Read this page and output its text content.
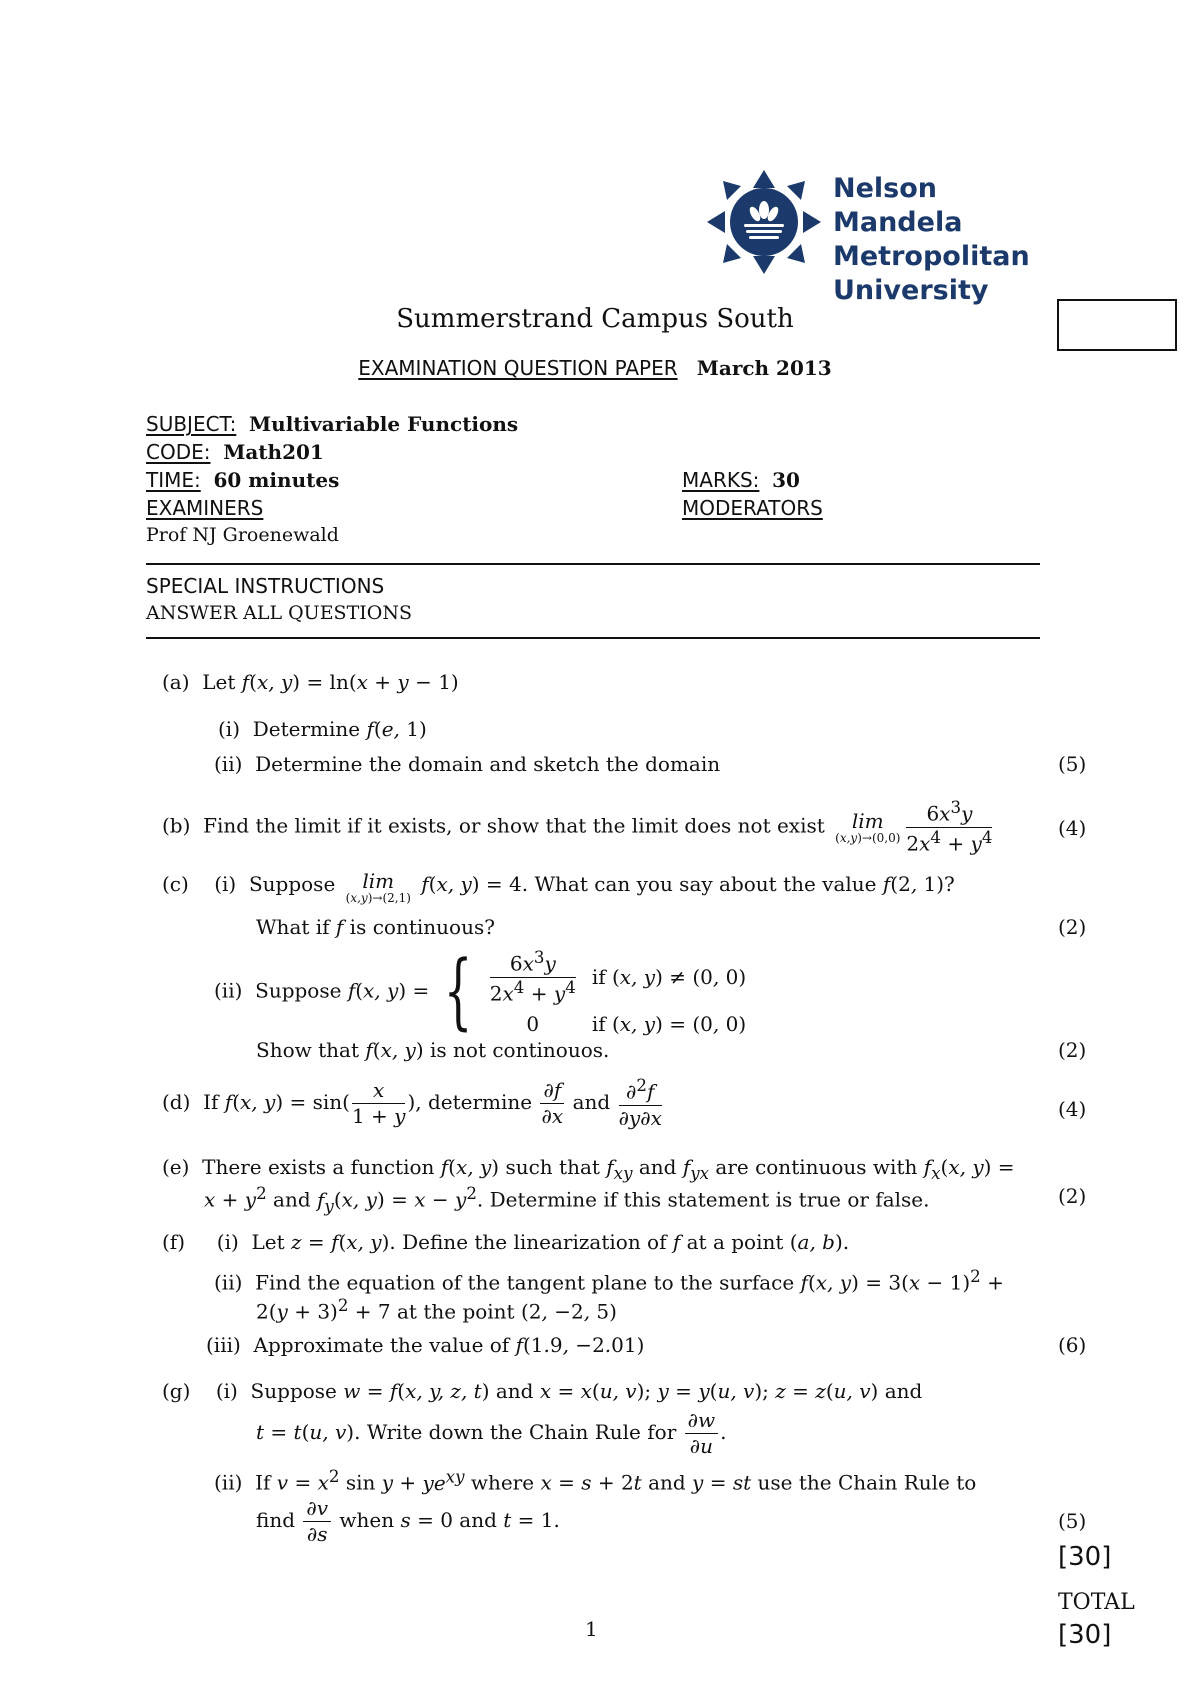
Nelson Mandela
Metropolitan
University
Summerstrand Campus South
EXAMINATION QUESTION PAPER March 2013
SUBJECT: Multivariable Functions
CODE: Math201
TIME: 60 minutes	MARKS: 30
EXAMINERS	MODERATORS
Prof NJ Groenewald
SPECIAL INSTRUCTIONS
ANSWER ALL QUESTIONS
(a)  Let f(x, y) = ln(x + y − 1)
(i)  Determine f(e, 1)
(ii)  Determine the domain and sketch the domain	(5)
(b)  Find the limit if it exists, or show that the limit does not exist	lim
$(x,y)\to(0,0) \frac{6x^3y}{2x^4 + y^4}$	(4)
(c)    (i)  Suppose	lim
(x,y)→(2,1)
f(x, y) = 4. What can you say about the value f(2, 1)?
What if f is continuous?	(2)
(ii)  Suppose f(x, y) = { $\frac{6x^3y}{2x^4 + y^4}$	if (x, y) ≠ (0, 0)
0	if (x, y) = (0, 0)
Show that f(x, y) is not continouos.	(2)
(d)  If f(x, $y) = \sin( \frac{x}{1 + y}$ ), determine $\frac{\partial f}{\partial x}$ and $\frac{\partial^2f}{\partial y\partial x}$	(4)
(e)  There exists a function f(x, y) such that $f_{xy}$ and $f_{yx}$ are continuous with $f_x(x$, y) =
$x + y^2$ and $f_y(x$, $y) = x - y^2$. Determine if this statement is true or false.	(2)
(f)     (i)  Let z = f(x, y). Define the linearization of f at a point (a, b).
(ii)  Find the equation of the tangent plane to the surface f(x, $y) = 3(x - 1)^2$ +
$2(y + 3)^2 + 7$ at the point (2, −2, 5)
(iii)  Approximate the value of f(1.9, −2.01)	(6)
(g)    (i)  Suppose w = f(x, y, z, t) and x = x(u, v); y = y(u, v); z = z(u, v) and
t = t(u, v). Write down the Chain Rule for $\frac{\partial w}{\partial u}$ .
(ii)  If $v = x^2$ $\sin y + ye^{xy}$ where x = s + 2t and y = st use the Chain Rule to
find $\frac{\partial v}{\partial s}$ when s = 0 and t = 1.	(5)
[30]
TOTAL
[30]
1
